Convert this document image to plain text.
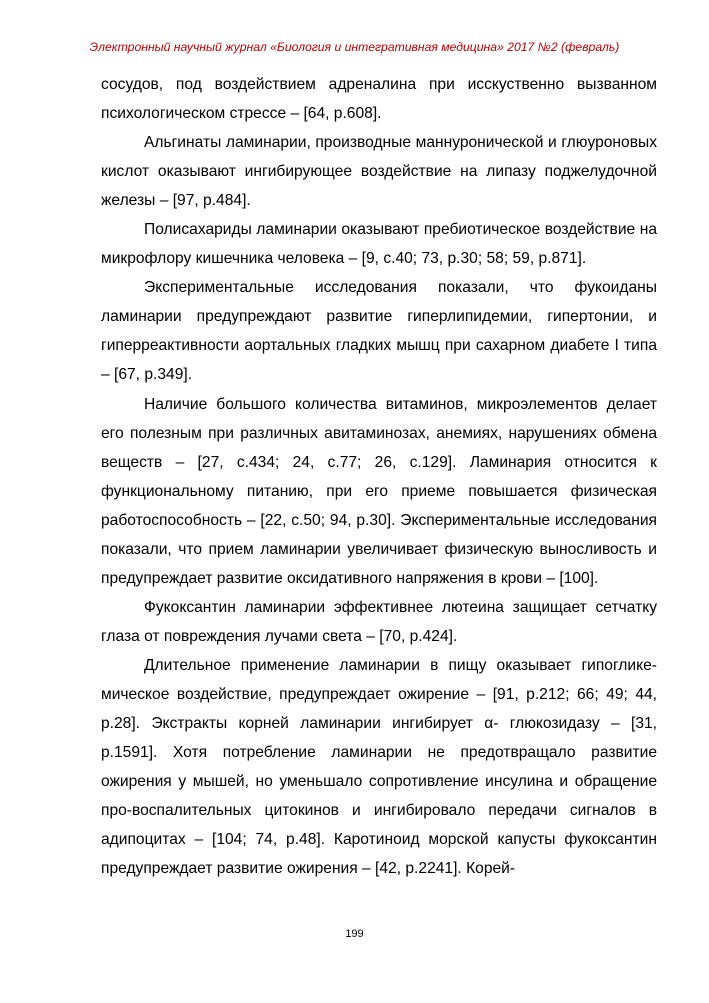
Электронный научный журнал «Биология и интегративная медицина» 2017 №2 (февраль)

сосудов, под воздействием адреналина при исскуственно вызванном психологическом стрессе – [64, p.608].

Альгинаты ламинарии, производные маннуронической и глюуроновых кислот оказывают ингибирующее воздействие на липазу поджелудочной железы – [97, p.484].

Полисахариды ламинарии оказывают пребиотическое воздействие на микрофлору кишечника человека – [9, с.40; 73, p.30; 58; 59, p.871].

Экспериментальные исследования показали, что фукоиданы ламинарии предупреждают развитие гиперлипидемии, гипертонии, и гиперреактивности аортальных гладких мышц при сахарном диабете I типа – [67, p.349].

Наличие большого количества витаминов, микроэлементов делает его полезным при различных авитаминозах, анемиях, нарушениях обмена веществ – [27, с.434; 24, с.77; 26, с.129]. Ламинария относится к функциональному питанию, при его приеме повышается физическая работоспособность – [22, с.50; 94, p.30]. Экспериментальные исследования показали, что прием ламинарии увеличивает физическую выносливость и предупреждает развитие оксидативного напряжения в крови – [100].

Фукоксантин ламинарии эффективнее лютеина защищает сетчатку глаза от повреждения лучами света – [70, p.424].

Длительное применение ламинарии в пищу оказывает гипогликемическое воздействие, предупреждает ожирение – [91, p.212; 66; 49; 44, p.28]. Экстракты корней ламинарии ингибирует α- глюкозидазу – [31, p.1591]. Хотя потребление ламинарии не предотвращало развитие ожирения у мышей, но уменьшало сопротивление инсулина и обращение про-воспалительных цитокинов и ингибировало передачи сигналов в адипоцитах – [104; 74, p.48]. Каротиноид морской капусты фукоксантин предупреждает развитие ожирения – [42, p.2241]. Корей-

199
